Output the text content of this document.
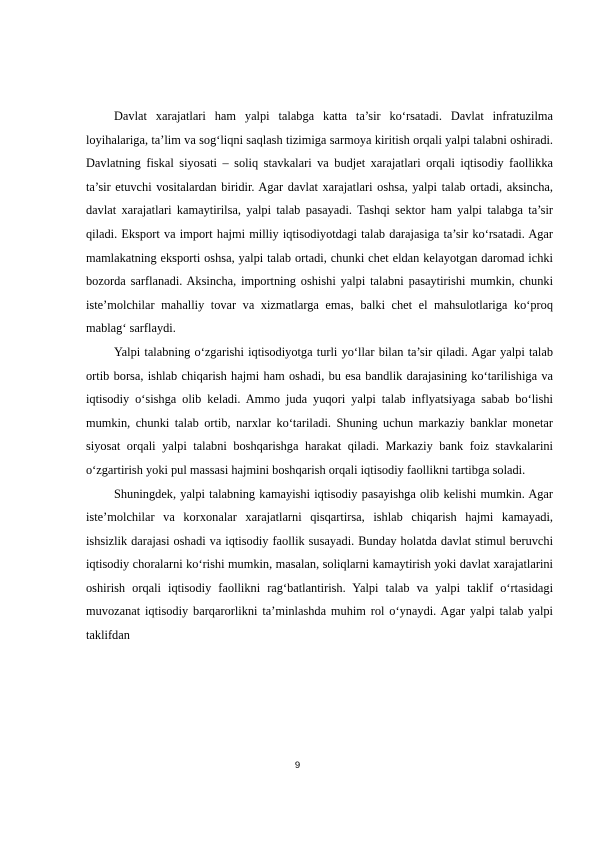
Davlat xarajatlari ham yalpi talabga katta ta’sir ko‘rsatadi. Davlat infratuzilma loyihalariga, ta’lim va sog‘liqni saqlash tizimiga sarmoya kiritish orqali yalpi talabni oshiradi. Davlatning fiskal siyosati – soliq stavkalari va budjet xarajatlari orqali iqtisodiy faollikka ta’sir etuvchi vositalardan biridir. Agar davlat xarajatlari oshsa, yalpi talab ortadi, aksincha, davlat xarajatlari kamaytirilsa, yalpi talab pasayadi. Tashqi sektor ham yalpi talabga ta’sir qiladi. Eksport va import hajmi milliy iqtisodiyotdagi talab darajasiga ta’sir ko‘rsatadi. Agar mamlakatning eksporti oshsa, yalpi talab ortadi, chunki chet eldan kelayotgan daromad ichki bozorda sarflanadi. Aksincha, importning oshishi yalpi talabni pasaytirishi mumkin, chunki iste’molchilar mahalliy tovar va xizmatlarga emas, balki chet el mahsulotlariga ko‘proq mablag‘ sarflaydi.

Yalpi talabning o‘zgarishi iqtisodiyotga turli yo‘llar bilan ta’sir qiladi. Agar yalpi talab ortib borsa, ishlab chiqarish hajmi ham oshadi, bu esa bandlik darajasining ko‘tarilishiga va iqtisodiy o‘sishga olib keladi. Ammo juda yuqori yalpi talab inflyatsiyaga sabab bo‘lishi mumkin, chunki talab ortib, narxlar ko‘tariladi. Shuning uchun markaziy banklar monetar siyosat orqali yalpi talabni boshqarishga harakat qiladi. Markaziy bank foiz stavkalarini o‘zgartirish yoki pul massasi hajmini boshqarish orqali iqtisodiy faollikni tartibga soladi.

Shuningdek, yalpi talabning kamayishi iqtisodiy pasayishga olib kelishi mumkin. Agar iste’molchilar va korxonalar xarajatlarni qisqartirsa, ishlab chiqarish hajmi kamayadi, ishsizlik darajasi oshadi va iqtisodiy faollik susayadi. Bunday holatda davlat stimul beruvchi iqtisodiy choralarni ko‘rishi mumkin, masalan, soliqlarni kamaytirish yoki davlat xarajatlarini oshirish orqali iqtisodiy faollikni rag‘batlantirish. Yalpi talab va yalpi taklif o‘rtasidagi muvozanat iqtisodiy barqarorlikni ta’minlashda muhim rol o‘ynaydi. Agar yalpi talab yalpi taklifdan

9
